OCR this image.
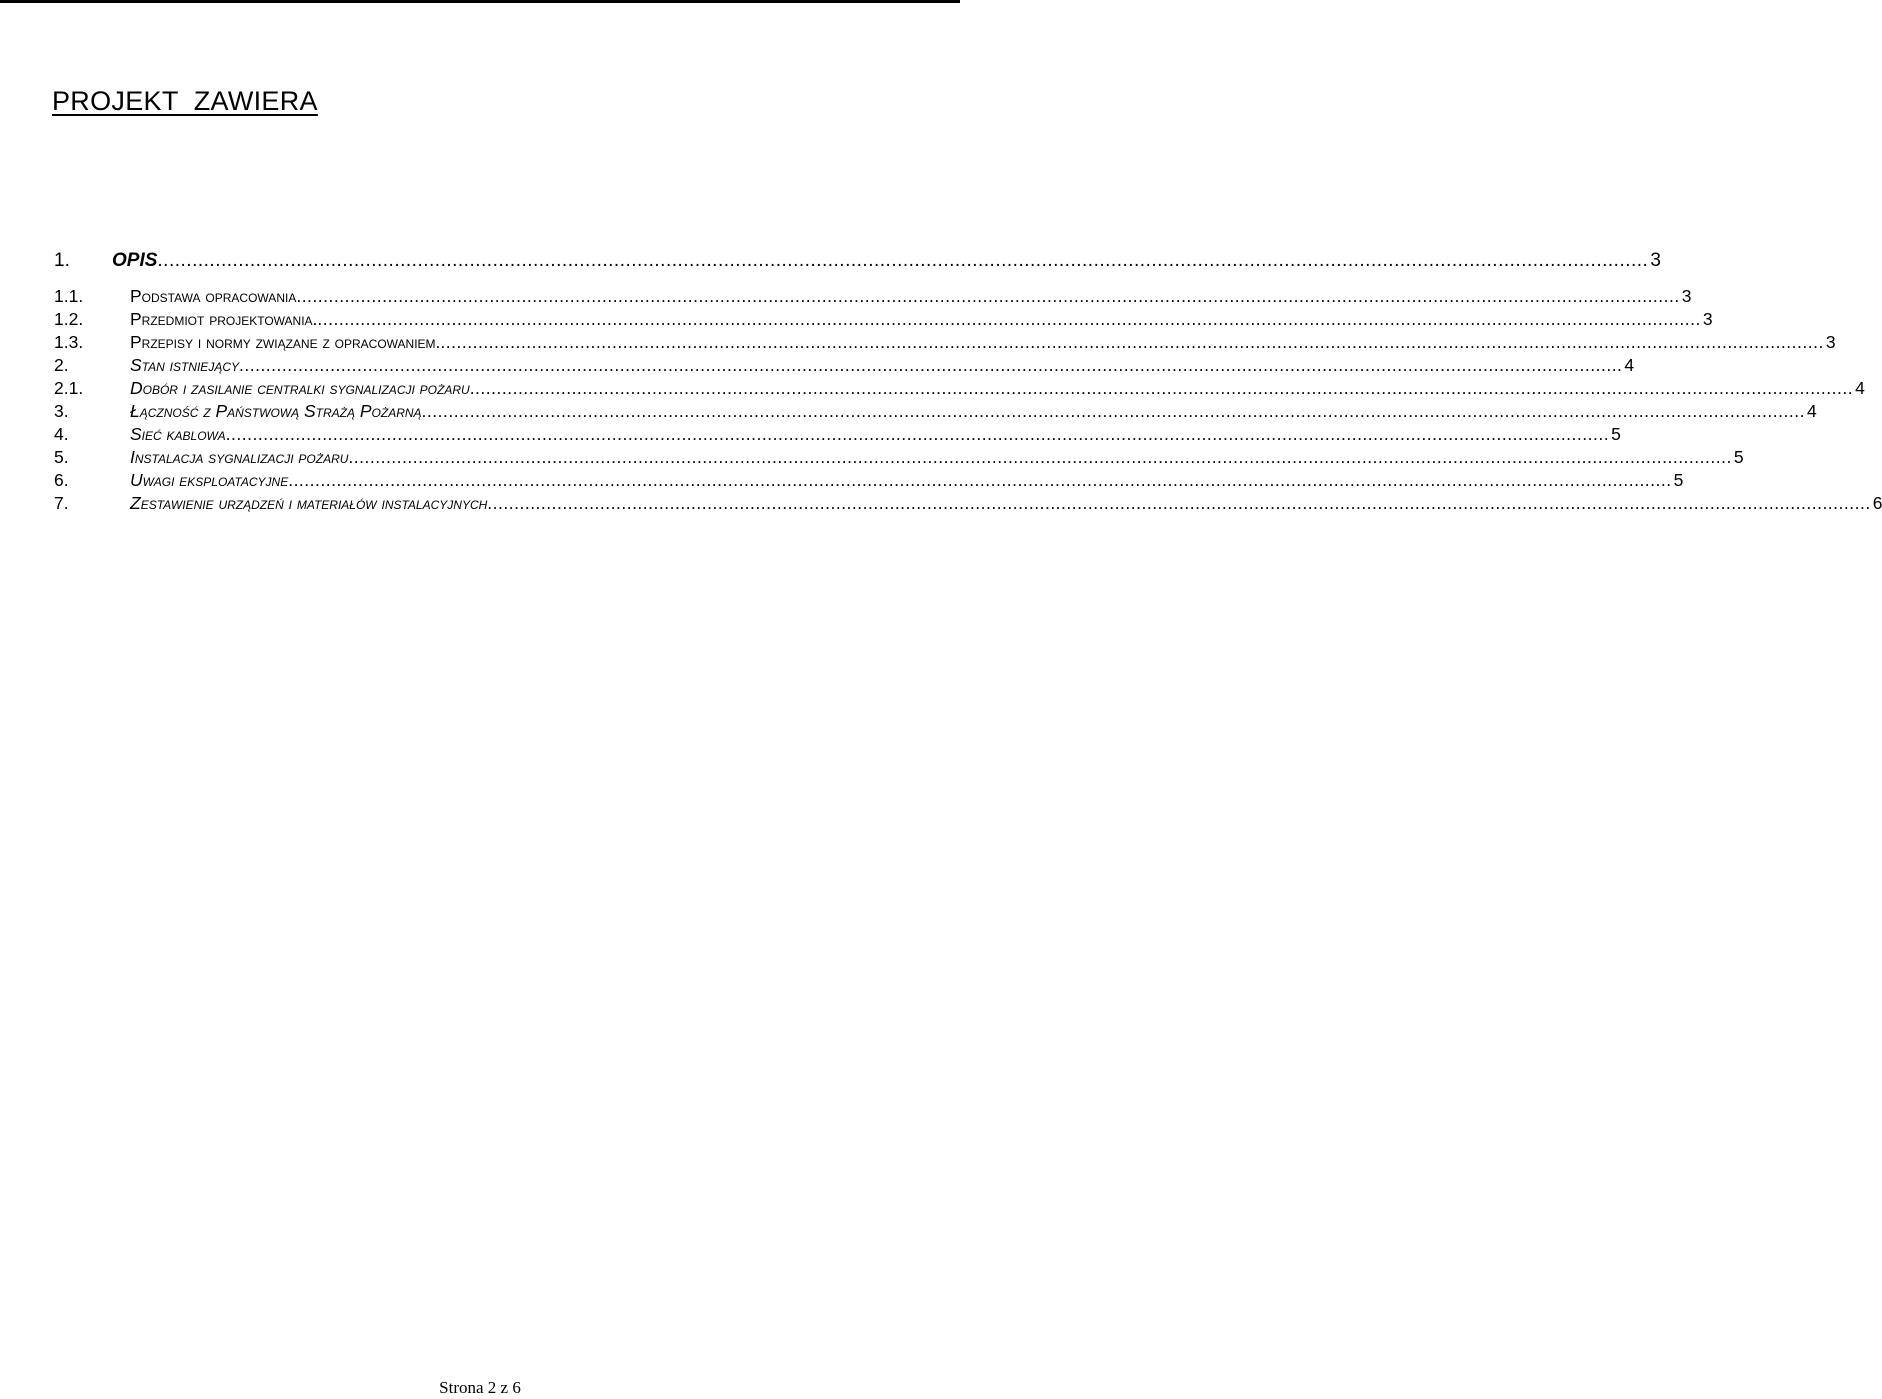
PROJEKT  ZAWIERA
1.	OPIS .....	3
1.1.	Podstawa opracowania .....	3
1.2.	Przedmiot projektowania. .....	3
1.3.	Przepisy i normy związane z opracowaniem. .....	3
2.	Stan istniejący .....	4
2.1.	Dobór i zasilanie centralki sygnalizacji pożaru .....	4
3.	Łączność z Państwową Strażą Pożarną .....	4
4.	Sieć kablowa .....	5
5.	Instalacja sygnalizacji pożaru .....	5
6.	Uwagi eksploatacyjne .....	5
7.	Zestawienie urządzeń i materiałów instalacyjnych .....	6
Strona 2 z 6
